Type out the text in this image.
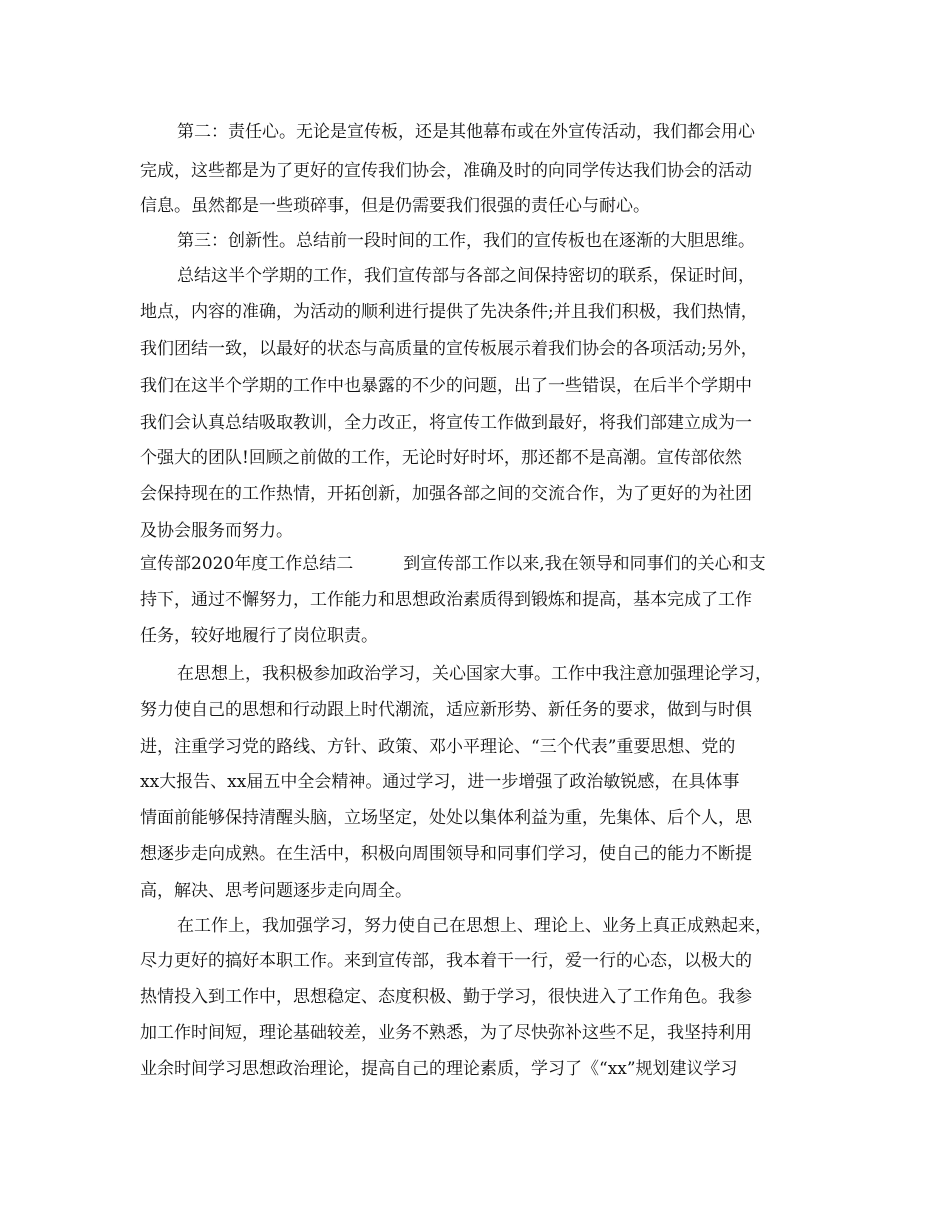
第二：责任心。无论是宣传板，还是其他幕布或在外宣传活动，我们都会用心
完成，这些都是为了更好的宣传我们协会，准确及时的向同学传达我们协会的活动
信息。虽然都是一些琐碎事，但是仍需要我们很强的责任心与耐心。
第三：创新性。总结前一段时间的工作，我们的宣传板也在逐渐的大胆思维。
总结这半个学期的工作，我们宣传部与各部之间保持密切的联系，保证时间，
地点，内容的准确，为活动的顺利进行提供了先决条件;并且我们积极，我们热情，
我们团结一致，以最好的状态与高质量的宣传板展示着我们协会的各项活动;另外，
我们在这半个学期的工作中也暴露的不少的问题，出了一些错误，在后半个学期中
我们会认真总结吸取教训，全力改正，将宣传工作做到最好，将我们部建立成为一
个强大的团队!回顾之前做的工作，无论时好时坏，那还都不是高潮。宣传部依然
会保持现在的工作热情，开拓创新，加强各部之间的交流合作，为了更好的为社团
及协会服务而努力。
宣传部2020年度工作总结二	到宣传部工作以来,我在领导和同事们的关心和支
持下，通过不懈努力，工作能力和思想政治素质得到锻炼和提高，基本完成了工作
任务，较好地履行了岗位职责。
在思想上，我积极参加政治学习，关心国家大事。工作中我注意加强理论学习，
努力使自己的思想和行动跟上时代潮流，适应新形势、新任务的要求，做到与时俱
进，注重学习党的路线、方针、政策、邓小平理论、“三个代表”重要思想、党的
xx大报告、xx届五中全会精神。通过学习，进一步增强了政治敏锐感，在具体事
情面前能够保持清醒头脑，立场坚定，处处以集体利益为重，先集体、后个人，思
想逐步走向成熟。在生活中，积极向周围领导和同事们学习，使自己的能力不断提
高，解决、思考问题逐步走向周全。
在工作上，我加强学习，努力使自己在思想上、理论上、业务上真正成熟起来，
尽力更好的搞好本职工作。来到宣传部，我本着干一行，爱一行的心态，以极大的
热情投入到工作中，思想稳定、态度积极、勤于学习，很快进入了工作角色。我参
加工作时间短，理论基础较差，业务不熟悉，为了尽快弥补这些不足，我坚持利用
业余时间学习思想政治理论，提高自己的理论素质，学习了《“xx”规划建议学习
